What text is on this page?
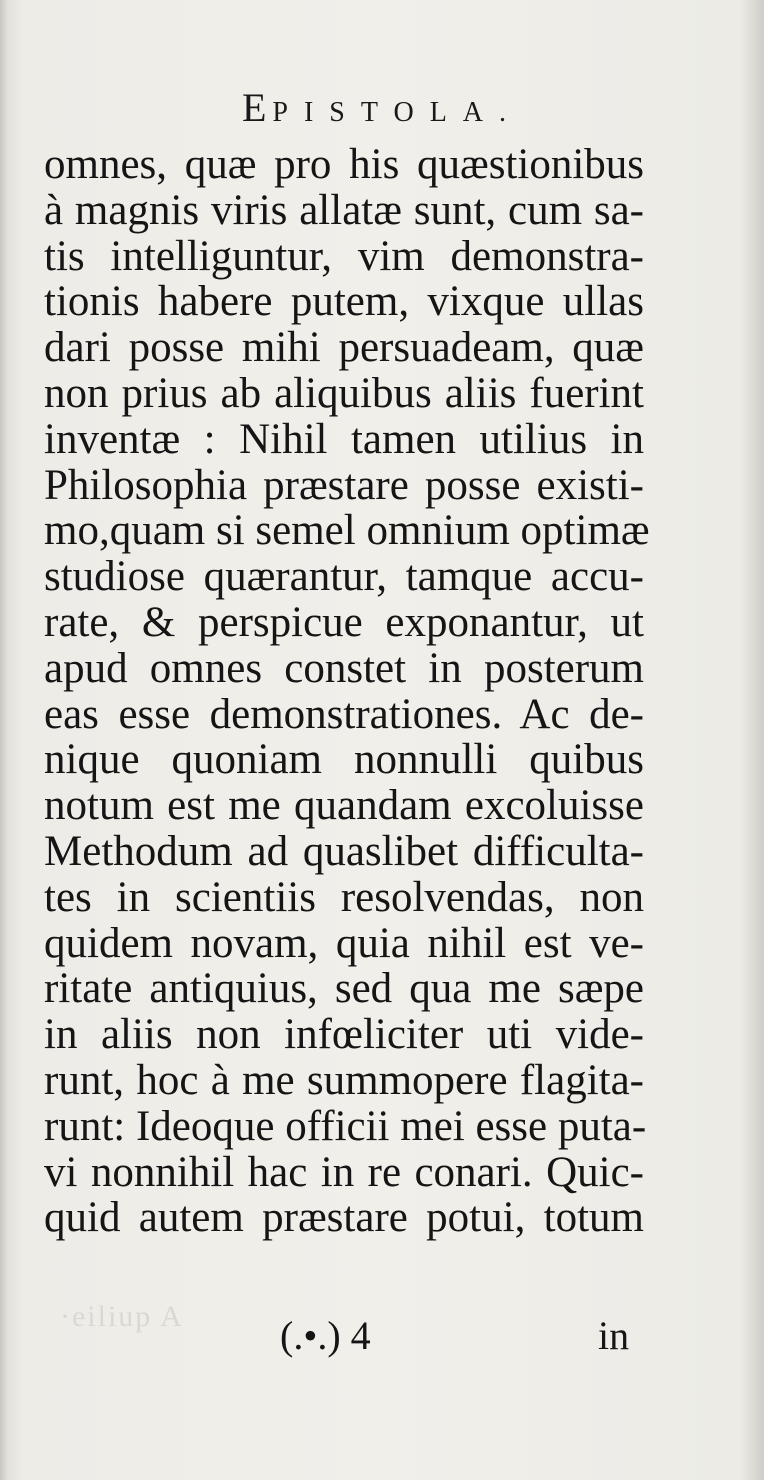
·eiliup A
EPISTOLA.
omnes, quæ pro his quæstionibus
à magnis viris allatæ sunt, cum sa-
tis intelliguntur, vim demonstra-
tionis habere putem, vixque ullas
dari posse mihi persuadeam, quæ
non prius ab aliquibus aliis fuerint
inventæ : Nihil tamen utilius in
Philosophia præstare posse existi-
mo,quam si semel omnium optimæ
studiose quærantur, tamque accu-
rate, & perspicue exponantur, ut
apud omnes constet in posterum
eas esse demonstrationes. Ac de-
nique quoniam nonnulli quibus
notum est me quandam excoluisse
Methodum ad quaslibet difficulta-
tes in scientiis resolvendas, non
quidem novam, quia nihil est ve-
ritate antiquius, sed qua me sæpe
in aliis non infœliciter uti vide-
runt, hoc à me summopere flagita-
runt: Ideoque officii mei esse puta-
vi nonnihil hac in re conari. Quic-
quid autem præstare potui, totum
(.•.) 4	in
